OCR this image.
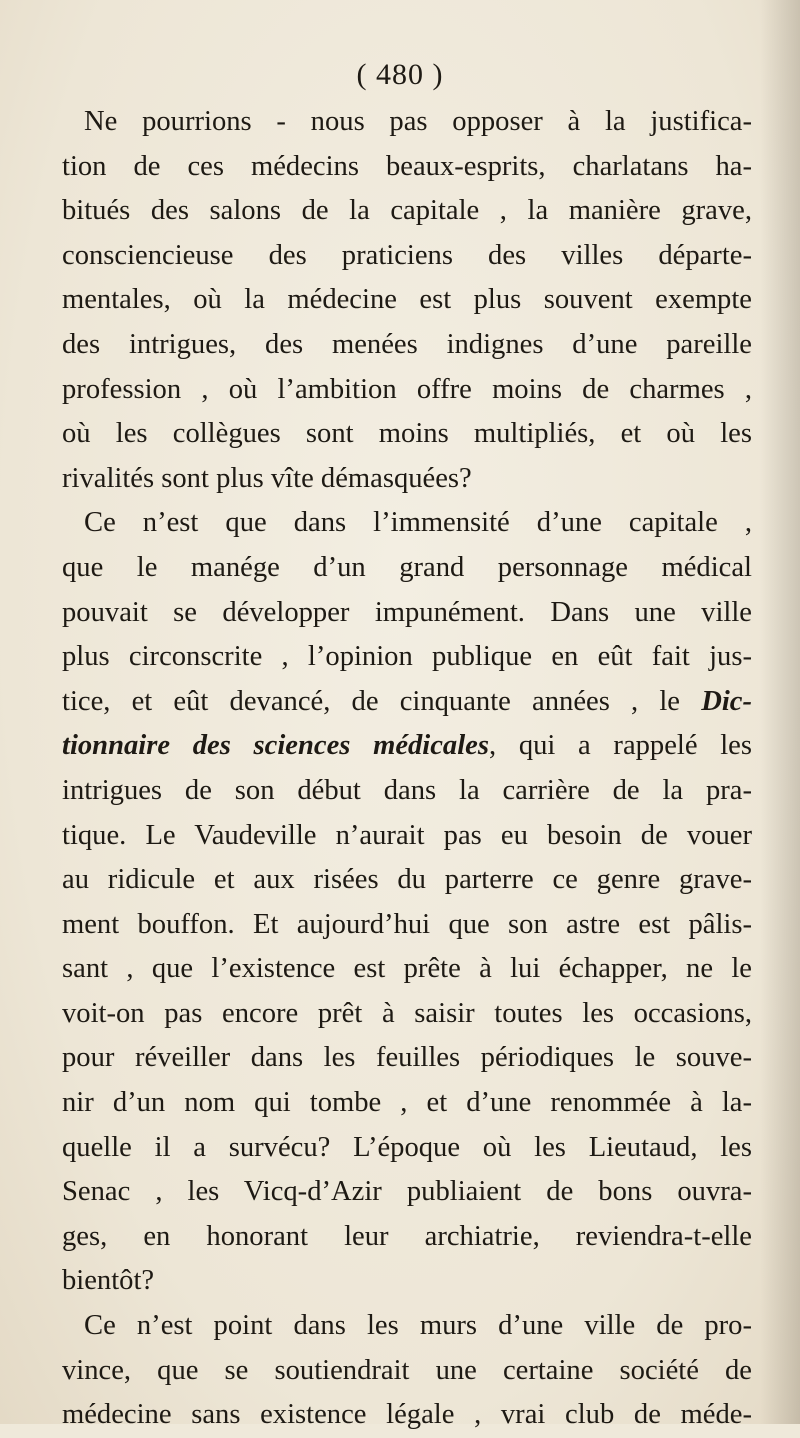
( 480 )
Ne pourrions - nous pas opposer à la justifica-
tion de ces médecins beaux-esprits, charlatans ha-
bitués des salons de la capitale , la manière grave,
consciencieuse des praticiens des villes départe-
mentales, où la médecine est plus souvent exempte
des intrigues, des menées indignes d’une pareille
profession , où l’ambition offre moins de charmes ,
où les collègues sont moins multipliés, et où les
rivalités sont plus vîte démasquées?
Ce n’est que dans l’immensité d’une capitale ,
que le manége d’un grand personnage médical
pouvait se développer impunément. Dans une ville
plus circonscrite , l’opinion publique en eût fait jus-
tice, et eût devancé, de cinquante années , le Dic-
tionnaire des sciences médicales, qui a rappelé les
intrigues de son début dans la carrière de la pra-
tique. Le Vaudeville n’aurait pas eu besoin de vouer
au ridicule et aux risées du parterre ce genre grave-
ment bouffon. Et aujourd’hui que son astre est pâlis-
sant , que l’existence est prête à lui échapper, ne le
voit-on pas encore prêt à saisir toutes les occasions,
pour réveiller dans les feuilles périodiques le souve-
nir d’un nom qui tombe , et d’une renommée à la-
quelle il a survécu? L’époque où les Lieutaud, les
Senac , les Vicq-d’Azir publiaient de bons ouvra-
ges, en honorant leur archiatrie, reviendra-t-elle
bientôt?
Ce n’est point dans les murs d’une ville de pro-
vince, que se soutiendrait une certaine société de
médecine sans existence légale , vrai club de méde-
